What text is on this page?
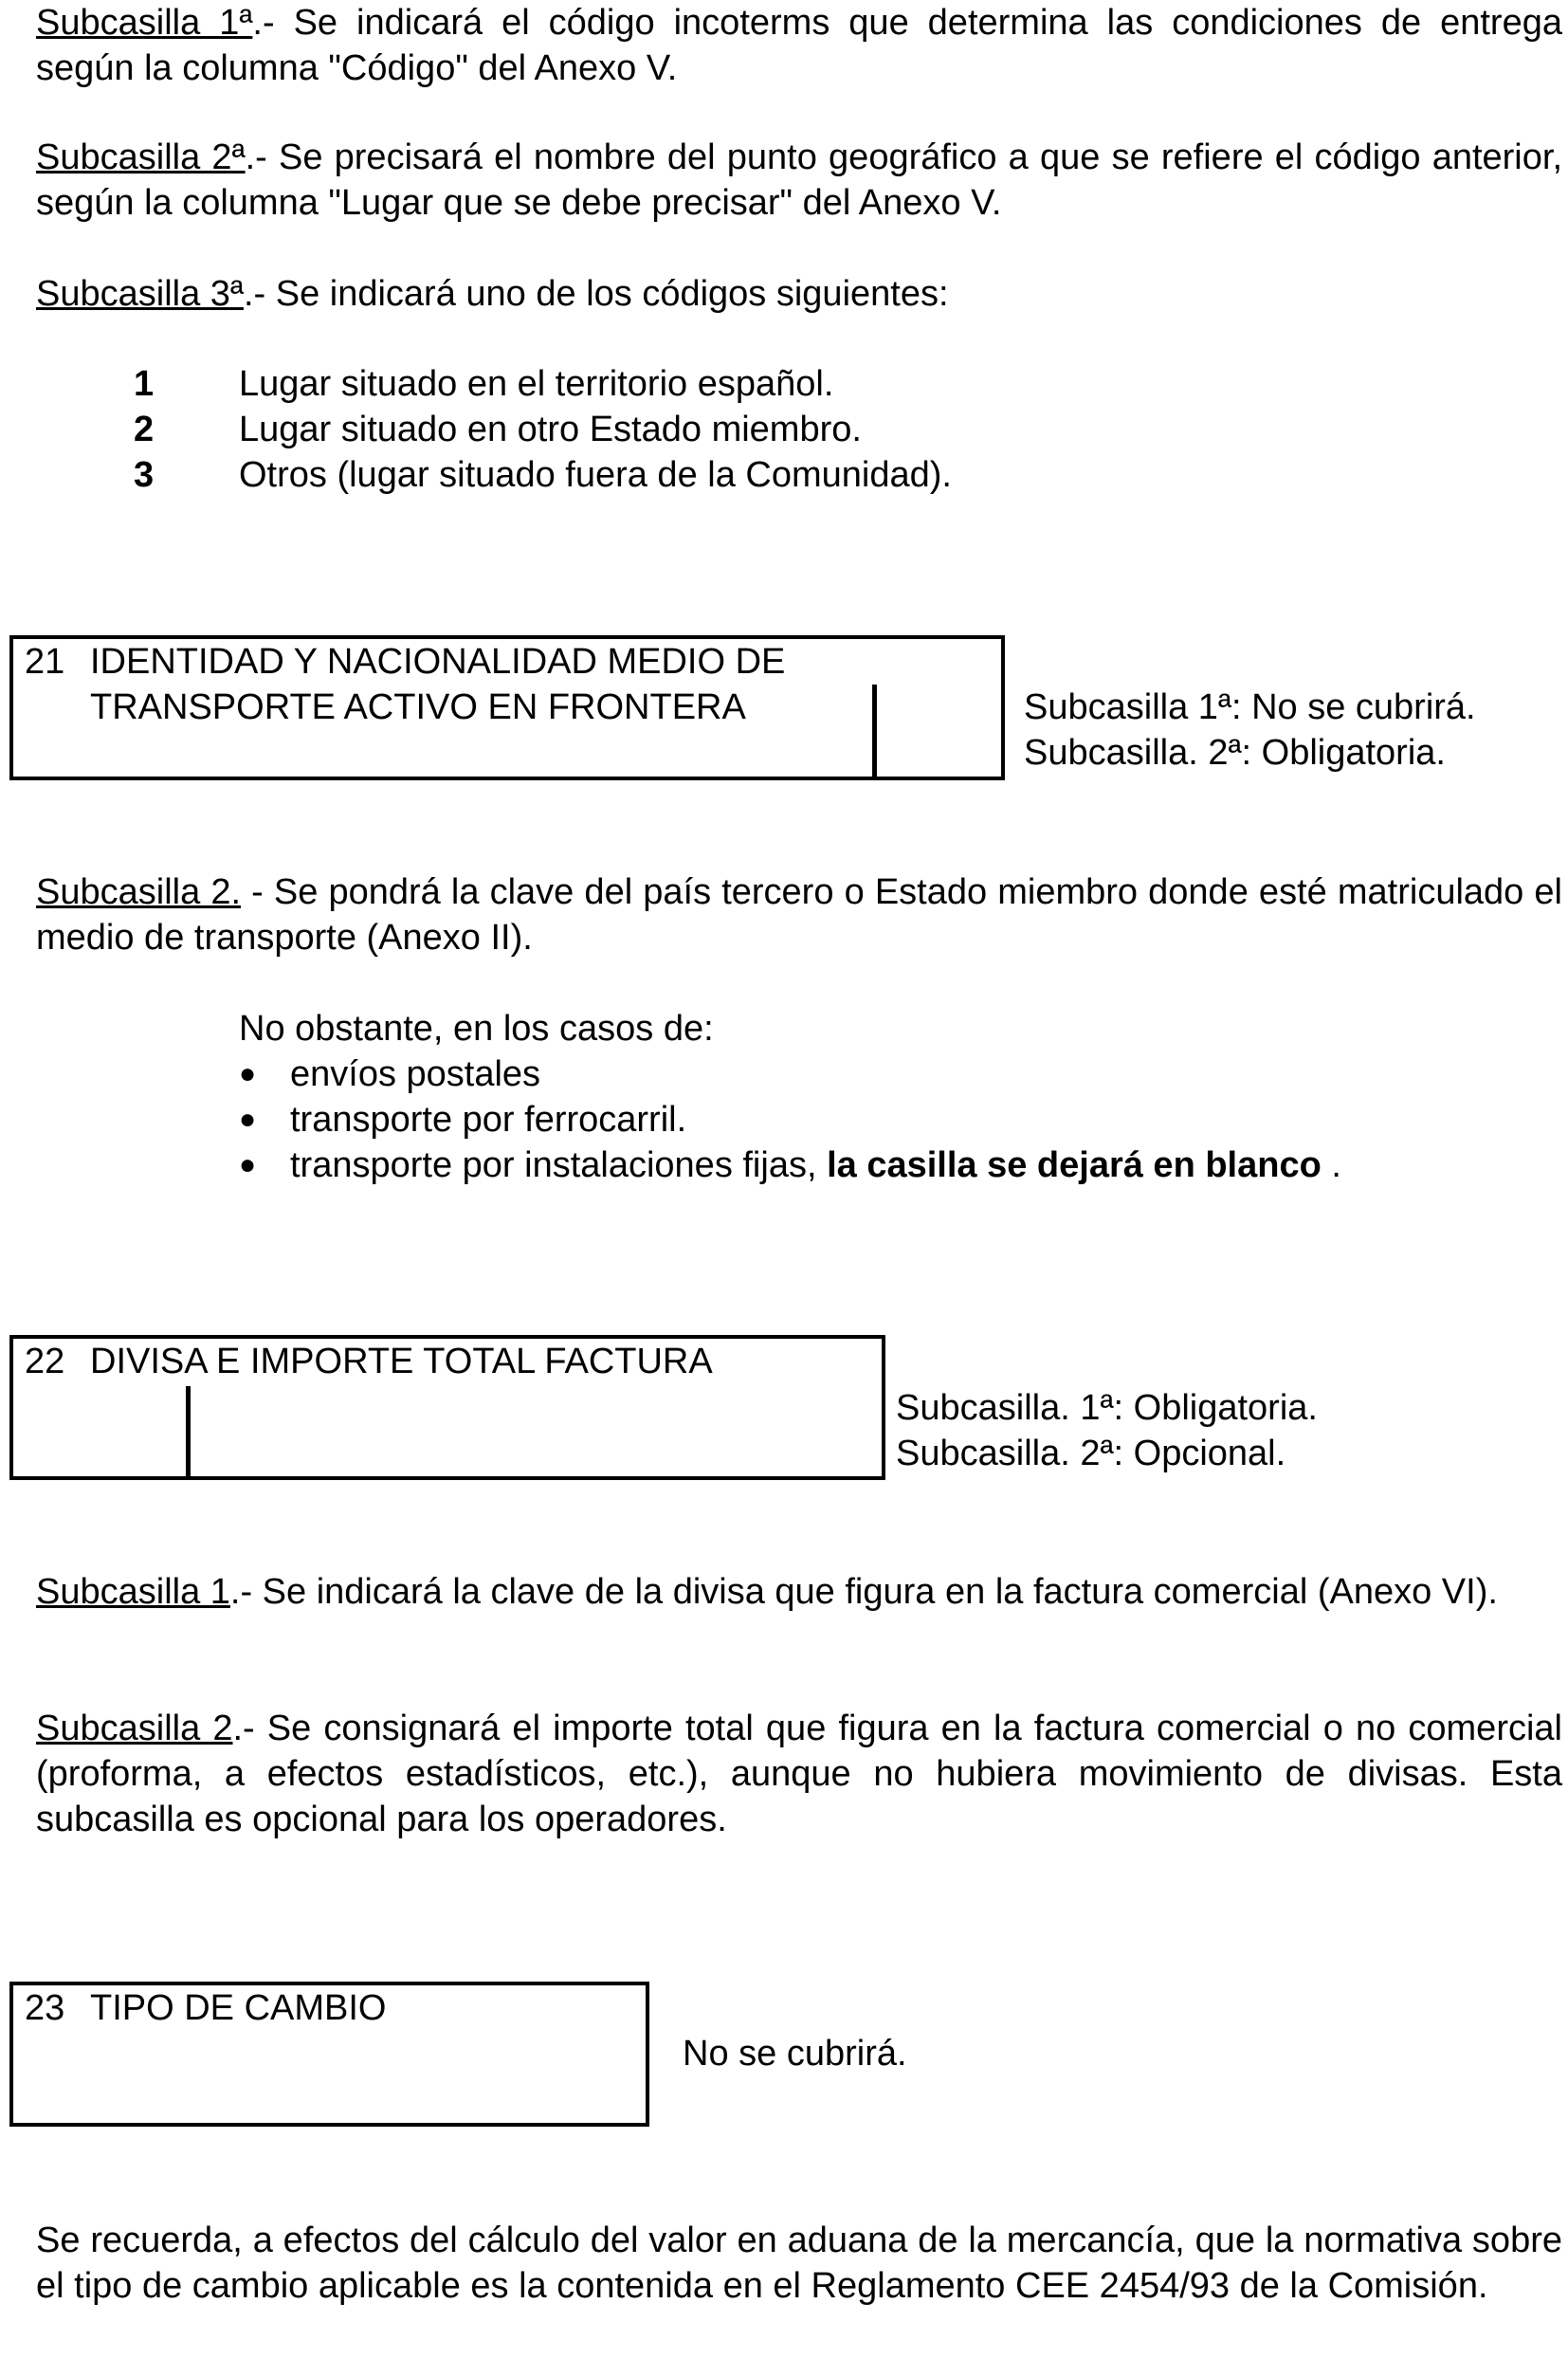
Subcasilla 1ª.- Se indicará el código incoterms que determina las condiciones de entrega según la columna "Código" del Anexo V.

Subcasilla 2ª.- Se precisará el nombre del punto geográfico a que se refiere el código anterior, según la columna "Lugar que se debe precisar" del Anexo V.

Subcasilla 3ª.- Se indicará uno de los códigos siguientes:

1 Lugar situado en el territorio español.
2 Lugar situado en otro Estado miembro.
3 Otros (lugar situado fuera de la Comunidad).
21 IDENTIDAD Y NACIONALIDAD MEDIO DE
TRANSPORTE ACTIVO EN FRONTERA	Subcasilla 1ª: No se cubrirá.
Subcasilla. 2ª: Obligatoria.

Subcasilla 2. - Se pondrá la clave del país tercero o Estado miembro donde esté matriculado el medio de transporte (Anexo II).

No obstante, en los casos de:
● envíos postales
● transporte por ferrocarril.
● transporte por instalaciones fijas, la casilla se dejará en blanco .
22 DIVISA E IMPORTE TOTAL FACTURA
Subcasilla. 1ª: Obligatoria.
Subcasilla. 2ª: Opcional.

Subcasilla 1.- Se indicará la clave de la divisa que figura en la factura comercial (Anexo VI).

Subcasilla 2.- Se consignará el importe total que figura en la factura comercial o no comercial (proforma, a efectos estadísticos, etc.), aunque no hubiera movimiento de divisas. Esta subcasilla es opcional para los operadores.

23 TIPO DE CAMBIO
No se cubrirá.

Se recuerda, a efectos del cálculo del valor en aduana de la mercancía, que la normativa sobre el tipo de cambio aplicable es la contenida en el Reglamento CEE 2454/93 de la Comisión.
